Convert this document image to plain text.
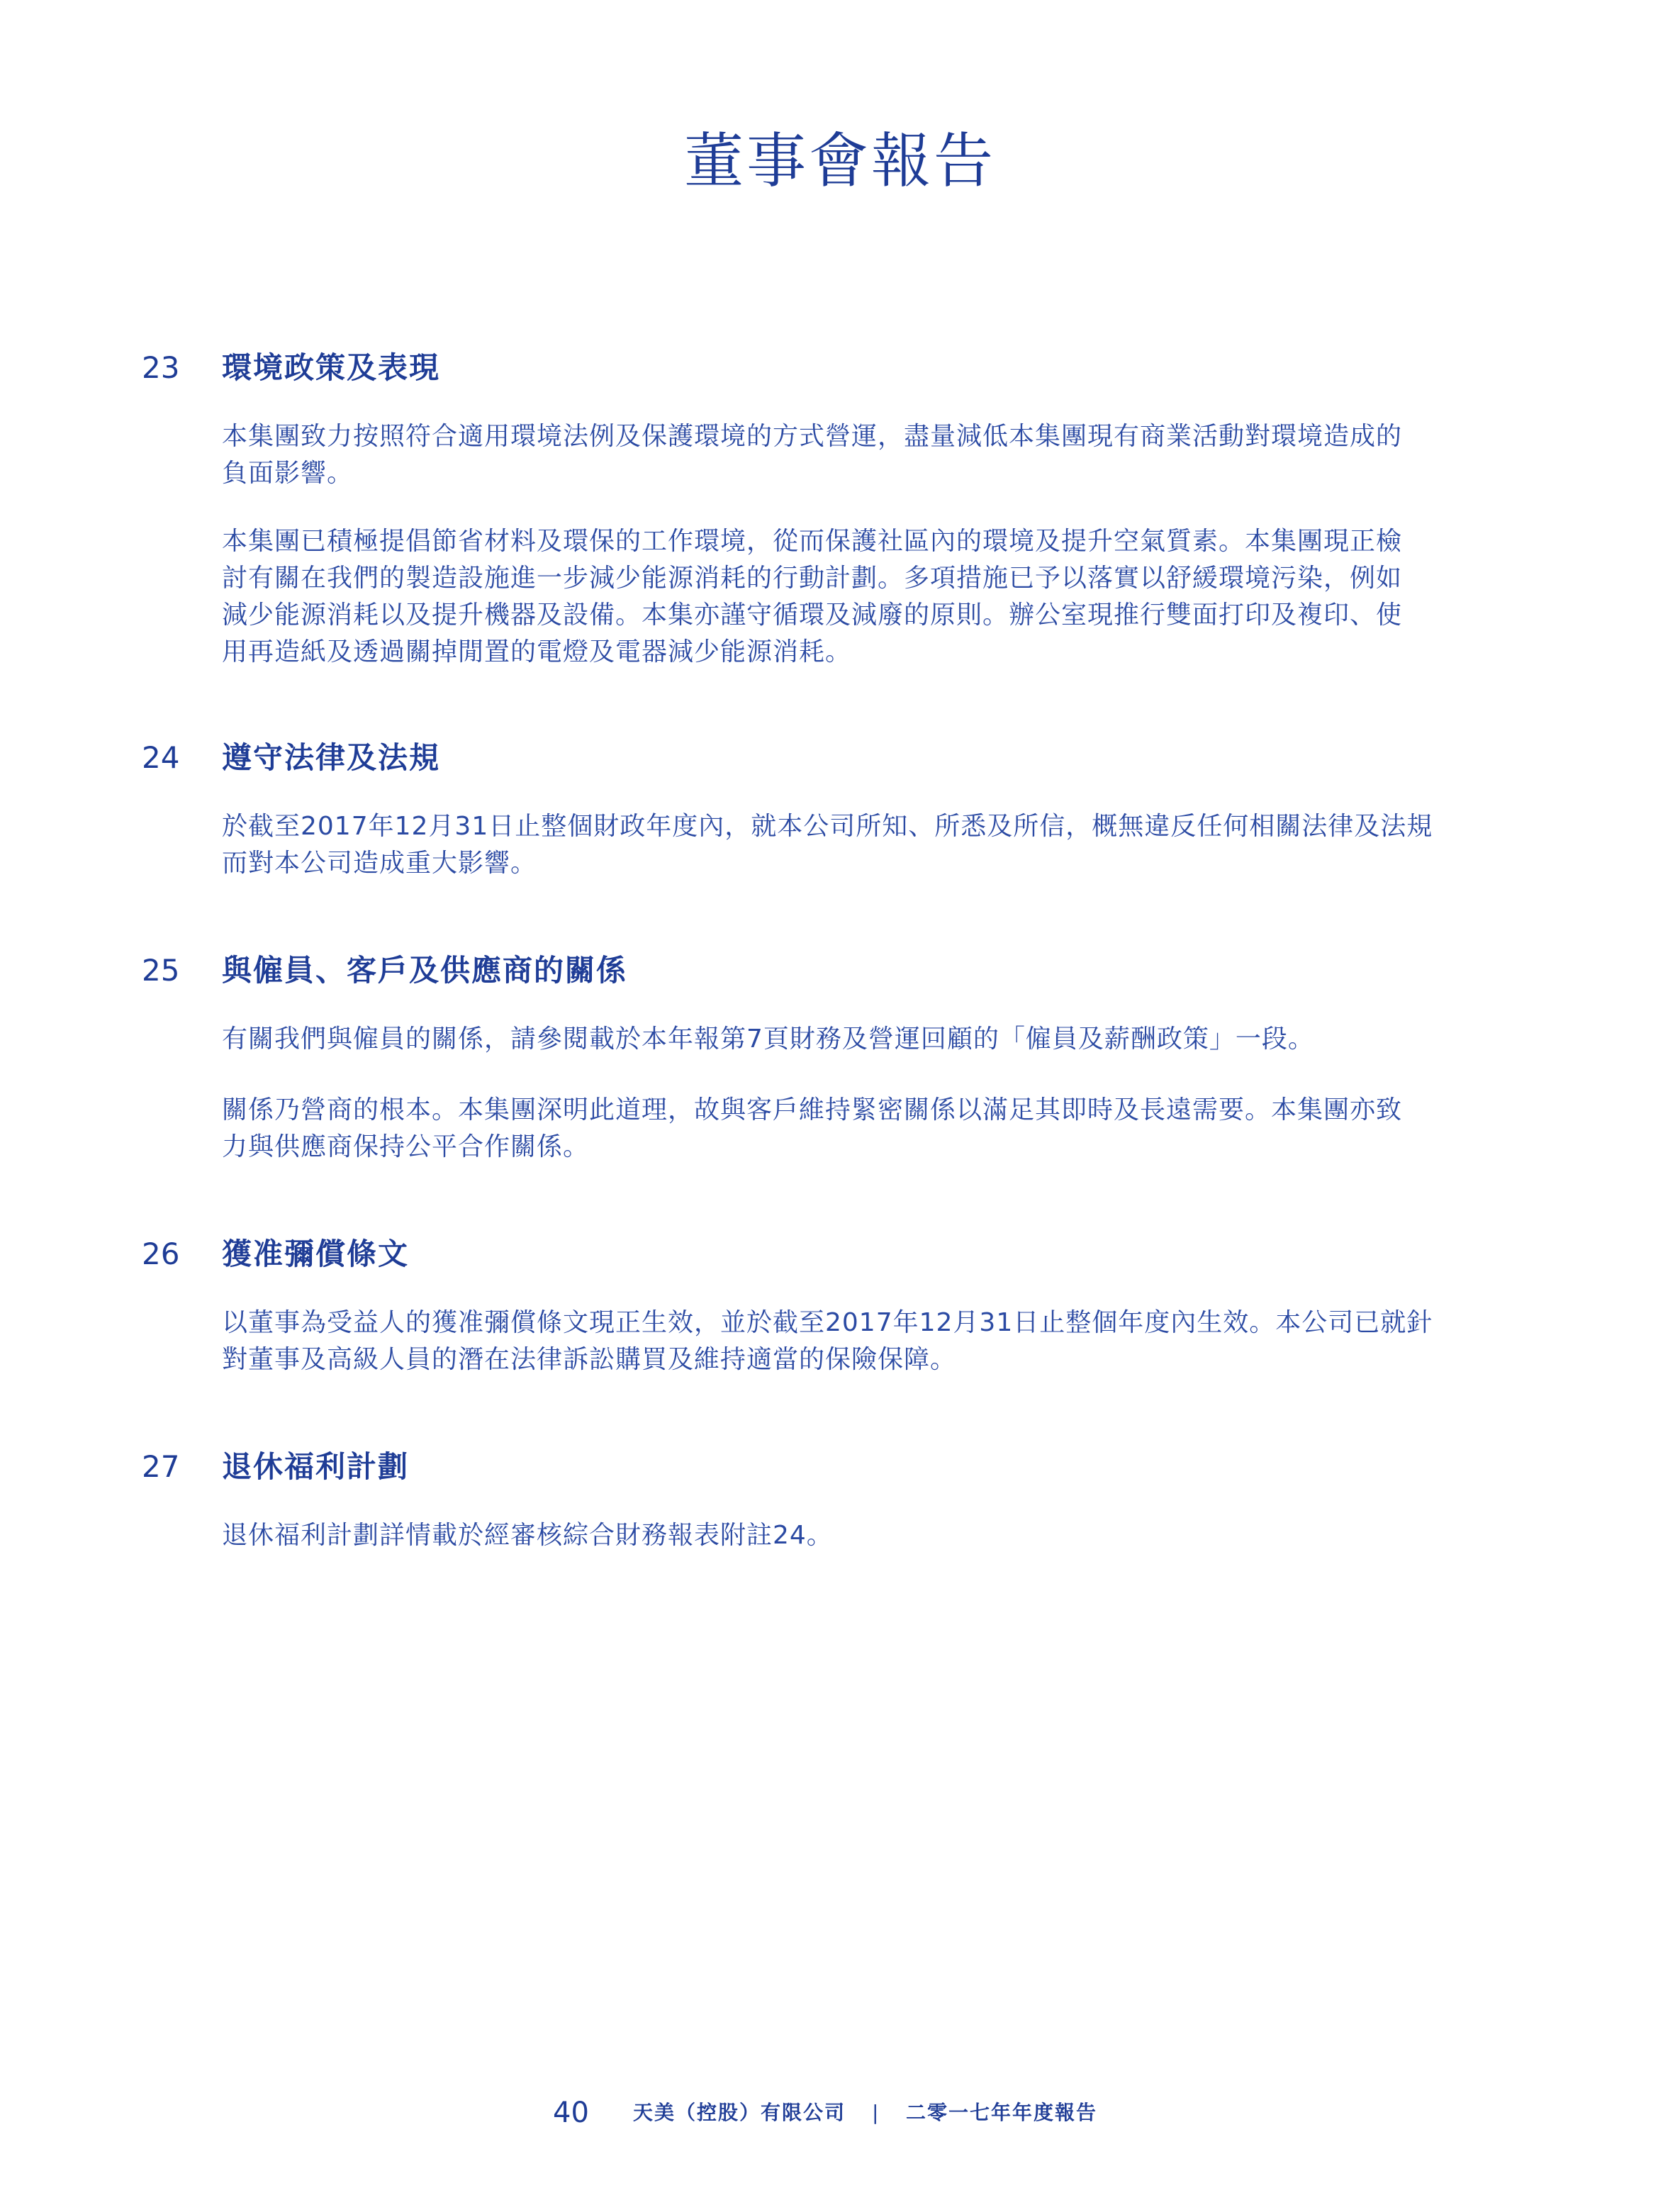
董事會報告
23 環境政策及表現

本集團致力按照符合適用環境法例及保護環境的方式營運，盡量減低本集團現有商業活動對環境造成的
負面影響。

本集團已積極提倡節省材料及環保的工作環境，從而保護社區內的環境及提升空氣質素。本集團現正檢
討有關在我們的製造設施進一步減少能源消耗的行動計劃。多項措施已予以落實以舒緩環境污染，例如
減少能源消耗以及提升機器及設備。本集亦謹守循環及減廢的原則。辦公室現推行雙面打印及複印、使
用再造紙及透過關掉閒置的電燈及電器減少能源消耗。

24 遵守法律及法規

於截至2017年12月31日止整個財政年度內，就本公司所知、所悉及所信，概無違反任何相關法律及法規
而對本公司造成重大影響。

25 與僱員、客戶及供應商的關係

有關我們與僱員的關係，請參閱載於本年報第7頁財務及營運回顧的「僱員及薪酬政策」一段。

關係乃營商的根本。本集團深明此道理，故與客戶維持緊密關係以滿足其即時及長遠需要。本集團亦致
力與供應商保持公平合作關係。

26 獲准彌償條文

以董事為受益人的獲准彌償條文現正生效，並於截至2017年12月31日止整個年度內生效。本公司已就針
對董事及高級人員的潛在法律訴訟購買及維持適當的保險保障。

27 退休福利計劃

退休福利計劃詳情載於經審核綜合財務報表附註24。

40 天美（控股）有限公司 | 二零一七年年度報告
